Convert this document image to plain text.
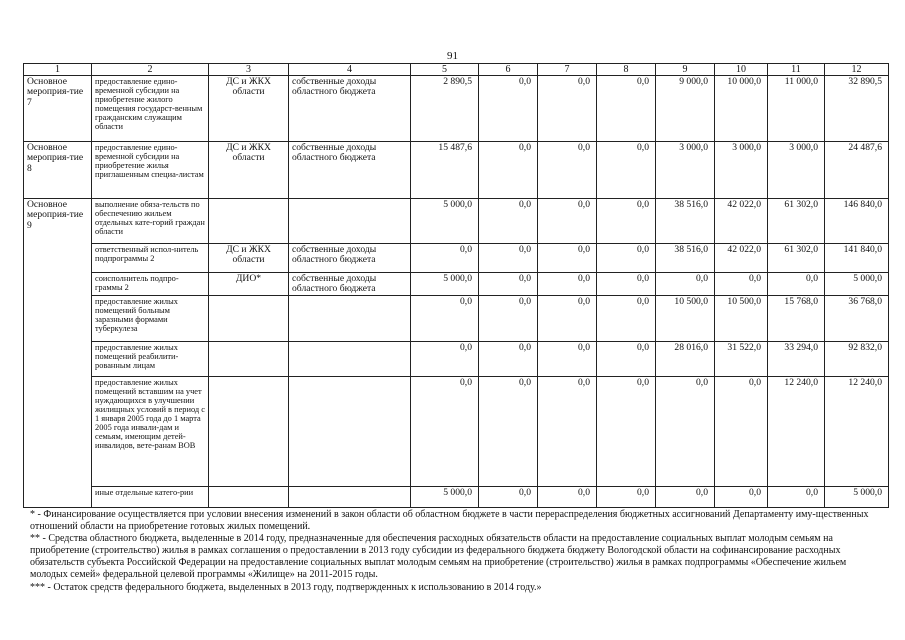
91
1	2	3	4	5	6	7	8	9	10	11	12
Основное мероприя-тие 7	предоставление едино-временной субсидии на приобретение жилого помещения государст-венным гражданским служащим области	ДС и ЖКХ области	собственные доходы областного бюджета	2 890,5	0,0	0,0	0,0	9 000,0	10 000,0	11 000,0	32 890,5
Основное мероприя-тие 8	предоставление едино-временной субсидии на приобретение жилья приглашенным специа-листам	ДС и ЖКХ области	собственные доходы областного бюджета	15 487,6	0,0	0,0	0,0	3 000,0	3 000,0	3 000,0	24 487,6
Основное мероприя-тие 9	выполнение обяза-тельств по обеспечению жильем отдельных кате-горий граждан области			5 000,0	0,0	0,0	0,0	38 516,0	42 022,0	61 302,0	146 840,0
	ответственный испол-нитель подпрограммы 2	ДС и ЖКХ области	собственные доходы областного бюджета	0,0	0,0	0,0	0,0	38 516,0	42 022,0	61 302,0	141 840,0
	соисполнитель подпро-граммы 2	ДИО*	собственные доходы областного бюджета	5 000,0	0,0	0,0	0,0	0,0	0,0	0,0	5 000,0
	предоставление жилых помещений больным заразными формами туберкулеза			0,0	0,0	0,0	0,0	10 500,0	10 500,0	15 768,0	36 768,0
	предоставление жилых помещений реабилити-рованным лицам			0,0	0,0	0,0	0,0	28 016,0	31 522,0	33 294,0	92 832,0
	предоставление жилых помещений вставшим на учет нуждающихся в улучшении жилищных условий в период с 1 января 2005 года до 1 марта 2005 года инвали-дам и семьям, имеющим детей-инвалидов, вете-ранам ВОВ			0,0	0,0	0,0	0,0	0,0	0,0	12 240,0	12 240,0
	иные отдельные катего-рии			5 000,0	0,0	0,0	0,0	0,0	0,0	0,0	5 000,0

* - Финансирование осуществляется при условии внесения изменений в закон области об областном бюджете в части перераспределения бюджетных ассигнований Департаменту иму-щественных отношений области на приобретение готовых жилых помещений.

** - Средства областного бюджета, выделенные в 2014 году, предназначенные для обеспечения расходных обязательств области на предоставление социальных выплат молодым семьям на приобретение (строительство) жилья в рамках соглашения о предоставлении в 2013 году субсидии из федерального бюджета бюджету Вологодской области на софинансирование расходных обязательств субъекта Российской Федерации на предоставление социальных выплат молодым семьям на приобретение (строительство) жилья в рамках подпрограммы «Обеспечение жильем молодых семей» федеральной целевой программы «Жилище» на 2011-2015 годы.

*** - Остаток средств федерального бюджета, выделенных в 2013 году, подтвержденных к использованию в 2014 году.»
